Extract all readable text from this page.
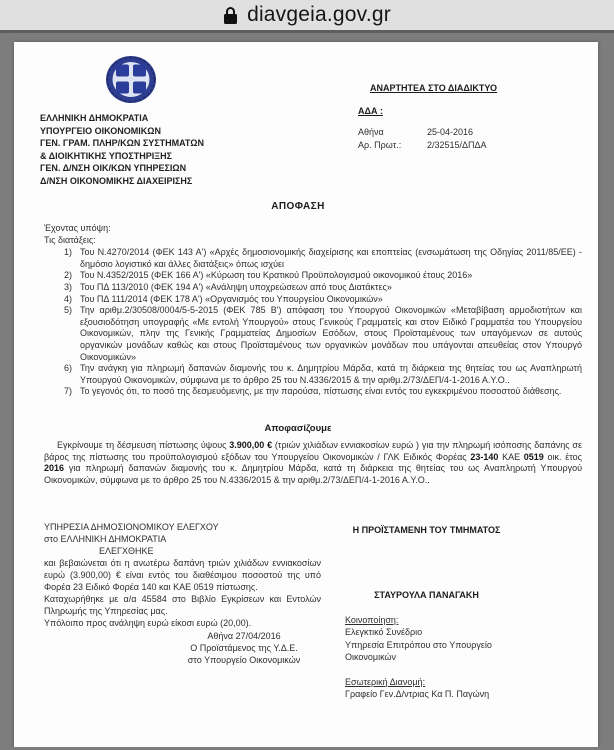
diavgeia.gov.gr
ΕΛΛΗΝΙΚΗ ΔΗΜΟΚΡΑΤΙΑ
ΥΠΟΥΡΓΕΙΟ ΟΙΚΟΝΟΜΙΚΩΝ
ΓΕΝ. ΓΡΑΜ. ΠΛΗΡ/ΚΩΝ ΣΥΣΤΗΜΑΤΩΝ
& ΔΙΟΙΚΗΤΙΚΗΣ ΥΠΟΣΤΗΡΙΞΗΣ
ΓΕΝ. Δ/ΝΣΗ ΟΙΚ/ΚΩΝ ΥΠΗΡΕΣΙΩΝ
Δ/ΝΣΗ ΟΙΚΟΝΟΜΙΚΗΣ ΔΙΑΧΕΙΡΙΣΗΣ
ΑΝΑΡΤΗΤΕΑ ΣΤΟ ΔΙΑΔΙΚΤΥΟ
ΑΔΑ :
Αθήνα	25-04-2016
Αρ. Πρωτ.:	2/32515/ΔΠΔΑ
ΑΠΟΦΑΣΗ
Έχοντας υπόψη:
Τις διατάξεις:
1) Του Ν.4270/2014 (ΦΕΚ 143 Α') «Αρχές δημοσιονομικής διαχείρισης και εποπτείας (ενσωμάτωση της Οδηγίας 2011/85/ΕΕ) - δημόσιο λογιστικό και άλλες διατάξεις» όπως ισχύει
2) Του Ν.4352/2015 (ΦΕΚ 166 Α') «Κύρωση του Κρατικού Προϋπολογισμού οικονομικού έτους 2016»
3) Του ΠΔ 113/2010 (ΦΕΚ 194 Α') «Ανάληψη υποχρεώσεων από τους Διατάκτες»
4) Του ΠΔ 111/2014 (ΦΕΚ 178 Α') «Οργανισμός του Υπουργείου Οικονομικών»
5) Την αριθμ.2/30508/0004/5-5-2015 (ΦΕΚ 785 Β') απόφαση του Υπουργού Οικονομικών «Μεταβίβαση αρμοδιοτήτων και εξουσιοδότηση υπογραφής «Με εντολή Υπουργού» στους Γενικούς Γραμματείς και στον Ειδικό Γραμματέα του Υπουργείου Οικονομικών, πλην της Γενικής Γραμματείας Δημοσίων Εσόδων, στους Προϊσταμένους των υπαγόμενων σε αυτούς οργανικών μονάδων καθώς και στους Προϊσταμένους των οργανικών μονάδων που υπάγονται απευθείας στον Υπουργό Οικονομικών»
6) Την ανάγκη για πληρωμή δαπανών διαμονής του κ. Δημητρίου Μάρδα, κατά τη διάρκεια της θητείας του ως Αναπληρωτή Υπουργού Οικονομικών, σύμφωνα με το άρθρο 25 του Ν.4336/2015 & την αριθμ.2/73/ΔΕΠ/4-1-2016 Α.Υ.Ο..
7) Το γεγονός ότι, το ποσό της δεσμευόμενης, με την παρούσα, πίστωσης είναι εντός του εγκεκριμένου ποσοστού διάθεσης.
Αποφασίζουμε

Εγκρίνουμε τη δέσμευση πίστωσης ύψους 3.900,00 € (τριών χιλιάδων εννιακοσίων ευρώ ) για την πληρωμή ισόποσης δαπάνης σε βάρος της πίστωσης του προϋπολογισμού εξόδων του Υπουργείου Οικονομικών / ΓΛΚ Ειδικός Φορέας 23-140 ΚΑΕ 0519 οικ. έτος 2016 για πληρωμή δαπανών διαμονής του κ. Δημητρίου Μάρδα, κατά τη διάρκεια της θητείας του ως Αναπληρωτή Υπουργού Οικονομικών, σύμφωνα με το άρθρο 25 του Ν.4336/2015 & την αριθμ.2/73/ΔΕΠ/4-1-2016 Α.Υ.Ο..

ΥΠΗΡΕΣΙΑ ΔΗΜΟΣΙΟΝΟΜΙΚΟΥ ΕΛΕΓΧΟΥ
στο ΕΛΛΗΝΙΚΗ ΔΗΜΟΚΡΑΤΙΑ
ΕΛΕΓΧΘΗΚΕ
και βεβαιώνεται ότι η ανωτέρω δαπάνη τριών χιλιάδων εννιακοσίων ευρώ (3.900,00) € είναι εντός του διαθέσιμου ποσοστού της υπό Φορέα 23 Ειδικό Φορέα 140 και ΚΑΕ 0519 πίστωσης.
Καταχωρήθηκε με α/α 45584 στο Βιβλίο Εγκρίσεων και Εντολών Πληρωμής της Υπηρεσίας μας.
Υπόλοιπο προς ανάληψη ευρώ είκοσι ευρώ (20,00).
Αθήνα 27/04/2016
Ο Προϊστάμενος της Υ.Δ.Ε.
στο Υπουργείο Οικονομικών
Η ΠΡΟΪΣΤΑΜΕΝΗ ΤΟΥ ΤΜΗΜΑΤΟΣ
ΣΤΑΥΡΟΥΛΑ ΠΑΝΑΓΑΚΗ
Κοινοποίηση:
Ελεγκτικό Συνέδριο
Υπηρεσία Επιτρόπου στο Υπουργείο
Οικονομικών
Εσωτερική Διανομή:
Γραφείο Γεν.Δ/ντριας Κα Π. Παγώνη
